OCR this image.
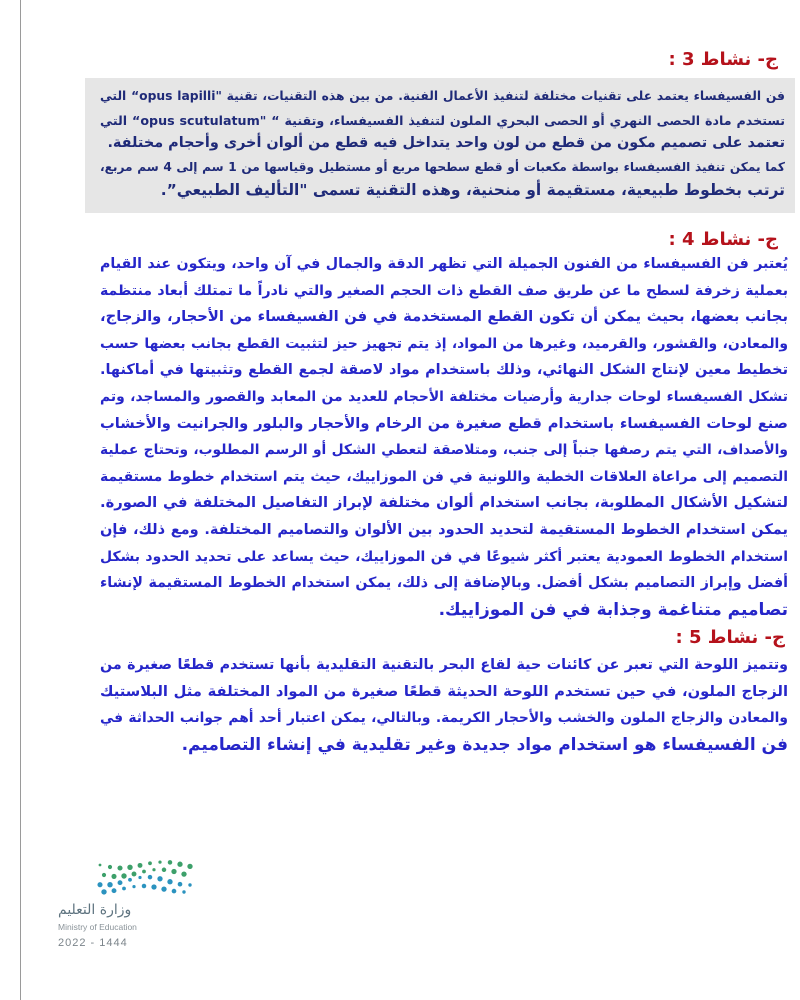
ج- نشاط 3 :
فن الفسيفساء يعتمد على تقنيات مختلفة لتنفيذ الأعمال الفنية. من بين هذه التقنيات، تقنية "opus lapilli“ التي
تستخدم مادة الحصى النهري أو الحصى البحري الملون لتنفيذ الفسيفساء، وتقنية “ "opus scutulatum“ التي
تعتمد على تصميم مكون من قطع من لون واحد يتداخل فيه قطع من ألوان أخرى وأحجام مختلفة.
كما يمكن تنفيذ الفسيفساء بواسطة مكعبات أو قطع سطحها مربع أو مستطيل وقياسها من 1 سم إلى 4 سم مربع،
ترتب بخطوط طبيعية، مستقيمة أو منحنية، وهذه التقنية تسمى "التأليف الطبيعي”.
ج- نشاط 4 :
يُعتبر فن الفسيفساء من الفنون الجميلة التي تظهر الدقة والجمال في آن واحد، ويتكون عند القيام
بعملية زخرفة لسطح ما عن طريق صف القطع ذات الحجم الصغير والتي نادراً ما تمتلك أبعاد منتظمة
بجانب بعضها، بحيث يمكن أن تكون القطع المستخدمة في فن الفسيفساء من الأحجار، والزجاج،
والمعادن، والقشور، والقرميد، وغيرها من المواد، إذ يتم تجهيز حيز لتثبيت القطع بجانب بعضها حسب
تخطيط معين لإنتاج الشكل النهائي، وذلك باستخدام مواد لاصقة لجمع القطع وتثبيتها في أماكنها.
تشكل الفسيفساء لوحات جدارية وأرضيات مختلفة الأحجام للعديد من المعابد والقصور والمساجد، وتم
صنع لوحات الفسيفساء باستخدام قطع صغيرة من الرخام والأحجار والبلور والجرانيت والأخشاب
والأصداف، التي يتم رصفها جنباً إلى جنب، ومتلاصقة لتعطي الشكل أو الرسم المطلوب، وتحتاج عملية
التصميم إلى مراعاة العلاقات الخطية واللونية في فن الموزاييك، حيث يتم استخدام خطوط مستقيمة
لتشكيل الأشكال المطلوبة، بجانب استخدام ألوان مختلفة لإبراز التفاصيل المختلفة في الصورة.
يمكن استخدام الخطوط المستقيمة لتحديد الحدود بين الألوان والتصاميم المختلفة. ومع ذلك، فإن
استخدام الخطوط العمودية يعتبر أكثر شيوعًا في فن الموزاييك، حيث يساعد على تحديد الحدود بشكل
أفضل وإبراز التصاميم بشكل أفضل. وبالإضافة إلى ذلك، يمكن استخدام الخطوط المستقيمة لإنشاء
تصاميم متناغمة وجذابة في فن الموزاييك.
ج- نشاط 5 :
وتتميز اللوحة التي تعبر عن كائنات حية لقاع البحر بالتقنية التقليدية بأنها تستخدم قطعًا صغيرة من
الزجاج الملون، في حين تستخدم اللوحة الحديثة قطعًا صغيرة من المواد المختلفة مثل البلاستيك
والمعادن والزجاج الملون والخشب والأحجار الكريمة. وبالتالي، يمكن اعتبار أحد أهم جوانب الحداثة في
فن الفسيفساء هو استخدام مواد جديدة وغير تقليدية في إنشاء التصاميم.
وزارة التعليم
Ministry of Education
2022 - 1444
